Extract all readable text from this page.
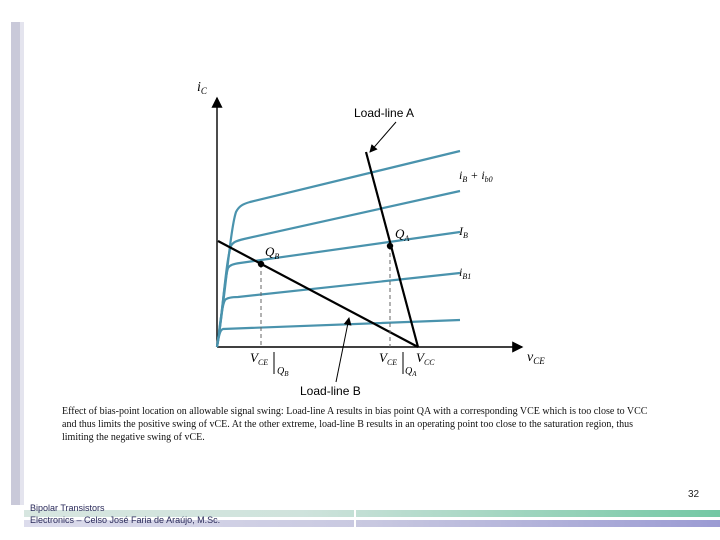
$i_C$
$v_{CE}$
Load-line A
Load-line B
$i_B + i_{b0}$
$I_B$
$i_{B1}$
$Q_A$
$Q_B$
$V_{CE}$
$Q_B$
$V_{CE}$
$Q_A$
$V_{CC}$
Effect of bias-point location on allowable signal swing: Load-line A results in bias point QA with a corresponding VCE which is too close to VCC and thus limits the positive swing of vCE. At the other extreme, load-line B results in an operating point too close to the saturation region, thus limiting the negative swing of vCE.
32
Bipolar Transistors
Electronics – Celso José Faria de Araújo, M.Sc.
